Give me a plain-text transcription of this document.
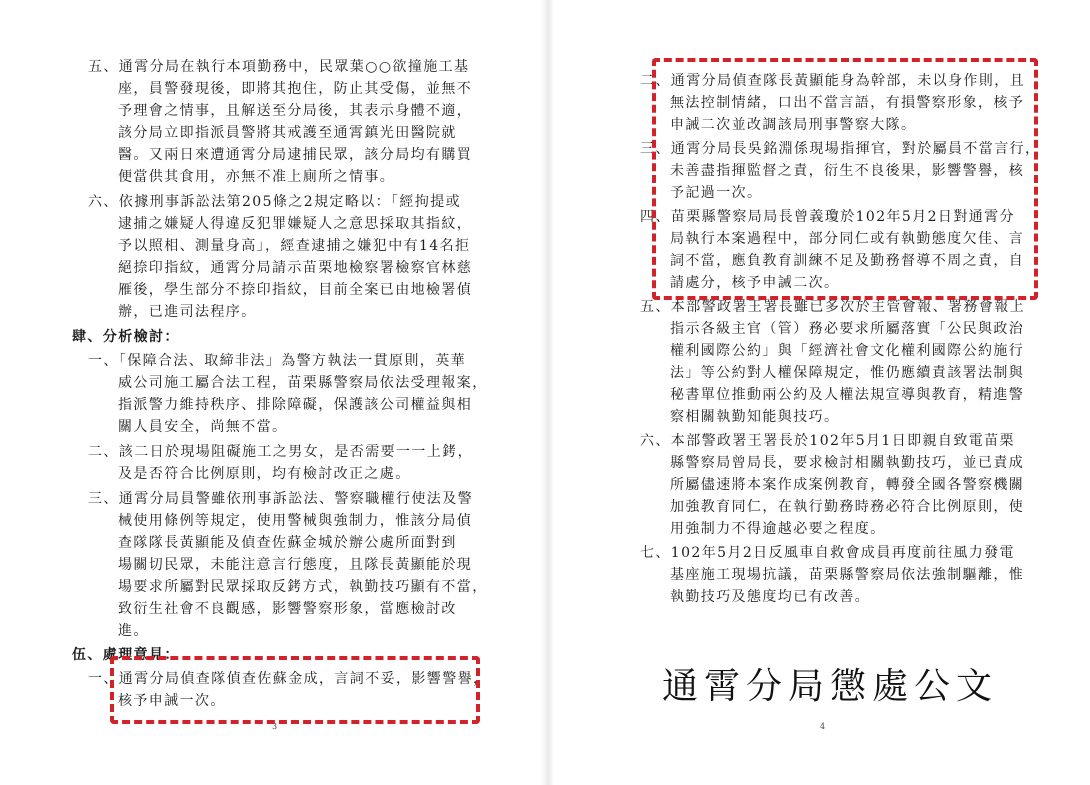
五、通霄分局在執行本項勤務中，民眾葉○○欲撞施工基
座，員警發現後，即將其抱住，防止其受傷，並無不
予理會之情事，且解送至分局後，其表示身體不適，
該分局立即指派員警將其戒護至通霄鎮光田醫院就
醫。又兩日來遭通霄分局逮捕民眾，該分局均有購買
便當供其食用，亦無不准上廁所之情事。
六、依據刑事訴訟法第205條之2規定略以：「經拘提或
逮捕之嫌疑人得違反犯罪嫌疑人之意思採取其指紋，
予以照相、測量身高」，經查逮捕之嫌犯中有14名拒
絕捺印指紋，通霄分局請示苗栗地檢察署檢察官林慈
雁後，學生部分不捺印指紋，目前全案已由地檢署偵
辦，已進司法程序。
肆、分析檢討：
一、「保障合法、取締非法」為警方執法一貫原則，英華
威公司施工屬合法工程，苗栗縣警察局依法受理報案，
指派警力維持秩序、排除障礙，保護該公司權益與相
關人員安全，尚無不當。
二、該二日於現場阻礙施工之男女，是否需要一一上銬，
及是否符合比例原則，均有檢討改正之處。
三、通霄分局員警雖依刑事訴訟法、警察職權行使法及警
械使用條例等規定，使用警械與強制力，惟該分局偵
查隊隊長黃顯能及偵查佐蘇金城於辦公處所面對到
場關切民眾，未能注意言行態度，且隊長黃顯能於現
場要求所屬對民眾採取反銬方式，執勤技巧顯有不當，
致衍生社會不良觀感，影響警察形象，當應檢討改
進。
伍、處理意見：
一、通霄分局偵查隊偵查佐蘇金成，言詞不妥，影響警譽，
核予申誡一次。
3
二、通霄分局偵查隊長黃顯能身為幹部，未以身作則，且
無法控制情緒，口出不當言語，有損警察形象，核予
申誡二次並改調該局刑事警察大隊。
三、通霄分局長吳銘淵係現場指揮官，對於屬員不當言行，
未善盡指揮監督之責，衍生不良後果，影響警譽，核
予記過一次。
四、苗栗縣警察局局長曾義瓊於102年5月2日對通霄分
局執行本案過程中，部分同仁或有執勤態度欠佳、言
詞不當，應負教育訓練不足及勤務督導不周之責，自
請處分，核予申誡二次。
五、本部警政署王署長雖已多次於主管會報、署務會報上
指示各級主官（管）務必要求所屬落實「公民與政治
權利國際公約」與「經濟社會文化權利國際公約施行
法」等公約對人權保障規定，惟仍應續責該署法制與
秘書單位推動兩公約及人權法規宣導與教育，精進警
察相關執勤知能與技巧。
六、本部警政署王署長於102年5月1日即親自致電苗栗
縣警察局曾局長，要求檢討相關執勤技巧，並已責成
所屬儘速將本案作成案例教育，轉發全國各警察機關
加強教育同仁，在執行勤務時務必符合比例原則，使
用強制力不得逾越必要之程度。
七、102年5月2日反風車自救會成員再度前往風力發電
基座施工現場抗議，苗栗縣警察局依法強制驅離，惟
執勤技巧及態度均已有改善。
4
通霄分局懲處公文
